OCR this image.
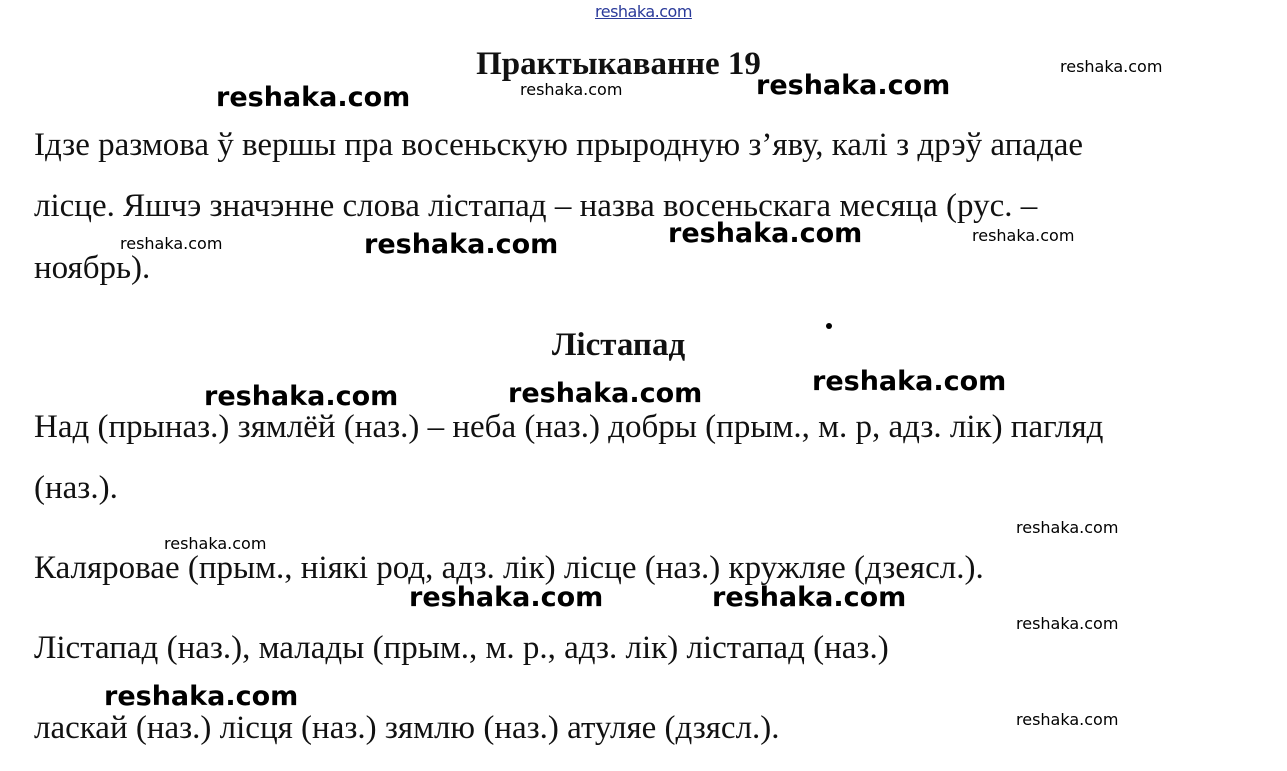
reshaka.com
Практыкаванне 19
Ідзе размова ў вершы пра восеньскую прыродную з’яву, калі з дрэў ападае
лісце. Яшчэ значэнне слова лістапад – назва восеньскага месяца (рус. –
ноябрь).
Лістапад
Над (прыназ.) зямлёй (наз.) – неба (наз.) добры (прым., м. р, адз. лік) пагляд
(наз.).
Каляровае (прым., ніякі род, адз. лік) лісце (наз.) кружляе (дзеясл.).
Лістапад (наз.), малады (прым., м. р., адз. лік) лістапад (наз.)
ласкай (наз.) лісця (наз.) зямлю (наз.) атуляе (дзясл.).
reshaka.com
reshaka.com	reshaka.com	reshaka.com
reshaka.com	reshaka.com	reshaka.com	reshaka.com
reshaka.com	reshaka.com	reshaka.com
reshaka.com
reshaka.com
reshaka.com	reshaka.com
reshaka.com
reshaka.com
reshaka.com
